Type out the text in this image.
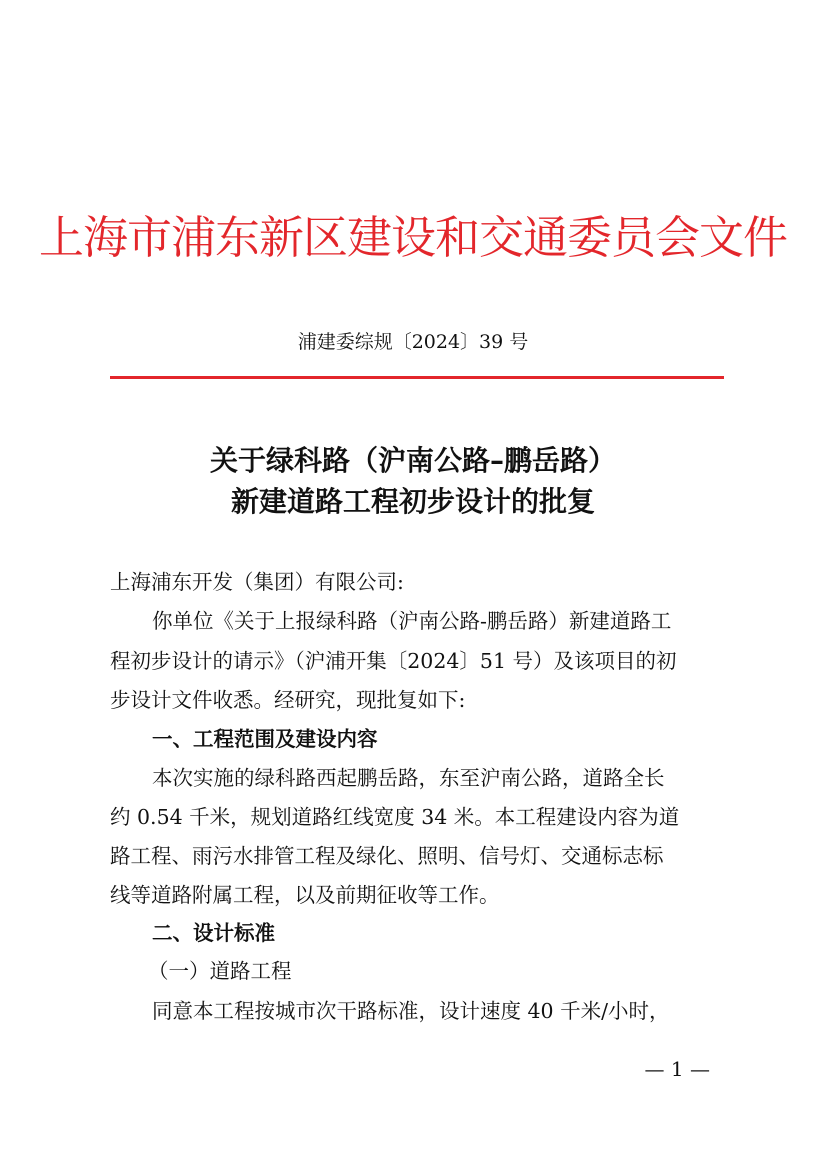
上海市浦东新区建设和交通委员会文件
浦建委综规〔2024〕39 号
关于绿科路（沪南公路–鹏岳路）
新建道路工程初步设计的批复
上海浦东开发（集团）有限公司:
你单位《关于上报绿科路（沪南公路-鹏岳路）新建道路工
程初步设计的请示》（沪浦开集〔2024〕51 号）及该项目的初
步设计文件收悉。经研究，现批复如下:
一、工程范围及建设内容
本次实施的绿科路西起鹏岳路，东至沪南公路，道路全长
约 0.54 千米，规划道路红线宽度 34 米。本工程建设内容为道
路工程、雨污水排管工程及绿化、照明、信号灯、交通标志标
线等道路附属工程，以及前期征收等工作。
二、设计标准
（一）道路工程
同意本工程按城市次干路标准，设计速度 40 千米/小时，
— 1 —
